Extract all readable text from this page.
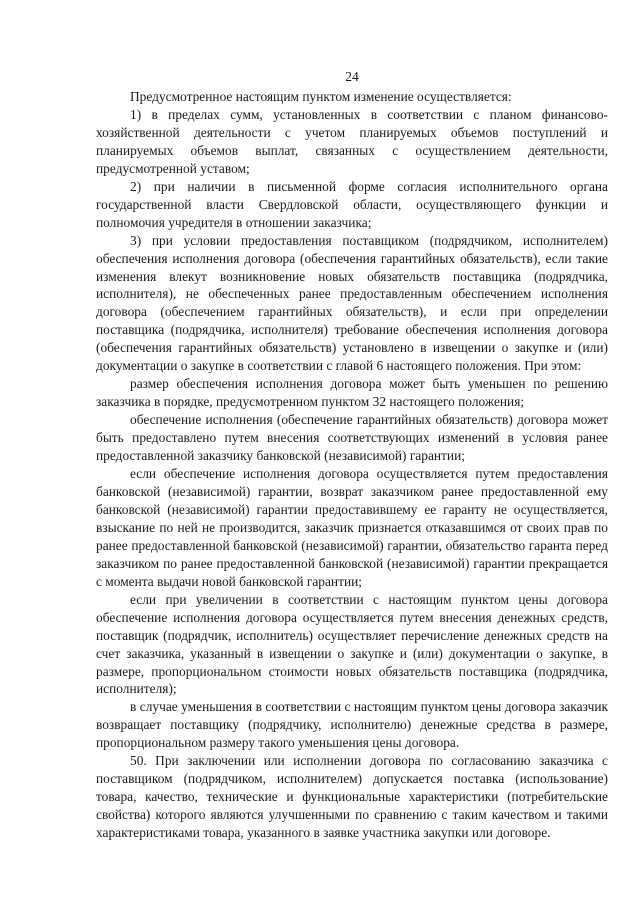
24

Предусмотренное настоящим пунктом изменение осуществляется:

1) в пределах сумм, установленных в соответствии с планом финансово-хозяйственной деятельности с учетом планируемых объемов поступлений и планируемых объемов выплат, связанных с осуществлением деятельности, предусмотренной уставом;

2) при наличии в письменной форме согласия исполнительного органа государственной власти Свердловской области, осуществляющего функции и полномочия учредителя в отношении заказчика;

3) при условии предоставления поставщиком (подрядчиком, исполнителем) обеспечения исполнения договора (обеспечения гарантийных обязательств), если такие изменения влекут возникновение новых обязательств поставщика (подрядчика, исполнителя), не обеспеченных ранее предоставленным обеспечением исполнения договора (обеспечением гарантийных обязательств), и если при определении поставщика (подрядчика, исполнителя) требование обеспечения исполнения договора (обеспечения гарантийных обязательств) установлено в извещении о закупке и (или) документации о закупке в соответствии с главой 6 настоящего положения. При этом:

размер обеспечения исполнения договора может быть уменьшен по решению заказчика в порядке, предусмотренном пунктом 32 настоящего положения;

обеспечение исполнения (обеспечение гарантийных обязательств) договора может быть предоставлено путем внесения соответствующих изменений в условия ранее предоставленной заказчику банковской (независимой) гарантии;

если обеспечение исполнения договора осуществляется путем предоставления банковской (независимой) гарантии, возврат заказчиком ранее предоставленной ему банковской (независимой) гарантии предоставившему ее гаранту не осуществляется, взыскание по ней не производится, заказчик признается отказавшимся от своих прав по ранее предоставленной банковской (независимой) гарантии, обязательство гаранта перед заказчиком по ранее предоставленной банковской (независимой) гарантии прекращается с момента выдачи новой банковской гарантии;

если при увеличении в соответствии с настоящим пунктом цены договора обеспечение исполнения договора осуществляется путем внесения денежных средств, поставщик (подрядчик, исполнитель) осуществляет перечисление денежных средств на счет заказчика, указанный в извещении о закупке и (или) документации о закупке, в размере, пропорциональном стоимости новых обязательств поставщика (подрядчика, исполнителя);

в случае уменьшения в соответствии с настоящим пунктом цены договора заказчик возвращает поставщику (подрядчику, исполнителю) денежные средства в размере, пропорциональном размеру такого уменьшения цены договора.

50. При заключении или исполнении договора по согласованию заказчика с поставщиком (подрядчиком, исполнителем) допускается поставка (использование) товара, качество, технические и функциональные характеристики (потребительские свойства) которого являются улучшенными по сравнению с таким качеством и такими характеристиками товара, указанного в заявке участника закупки или договоре.
